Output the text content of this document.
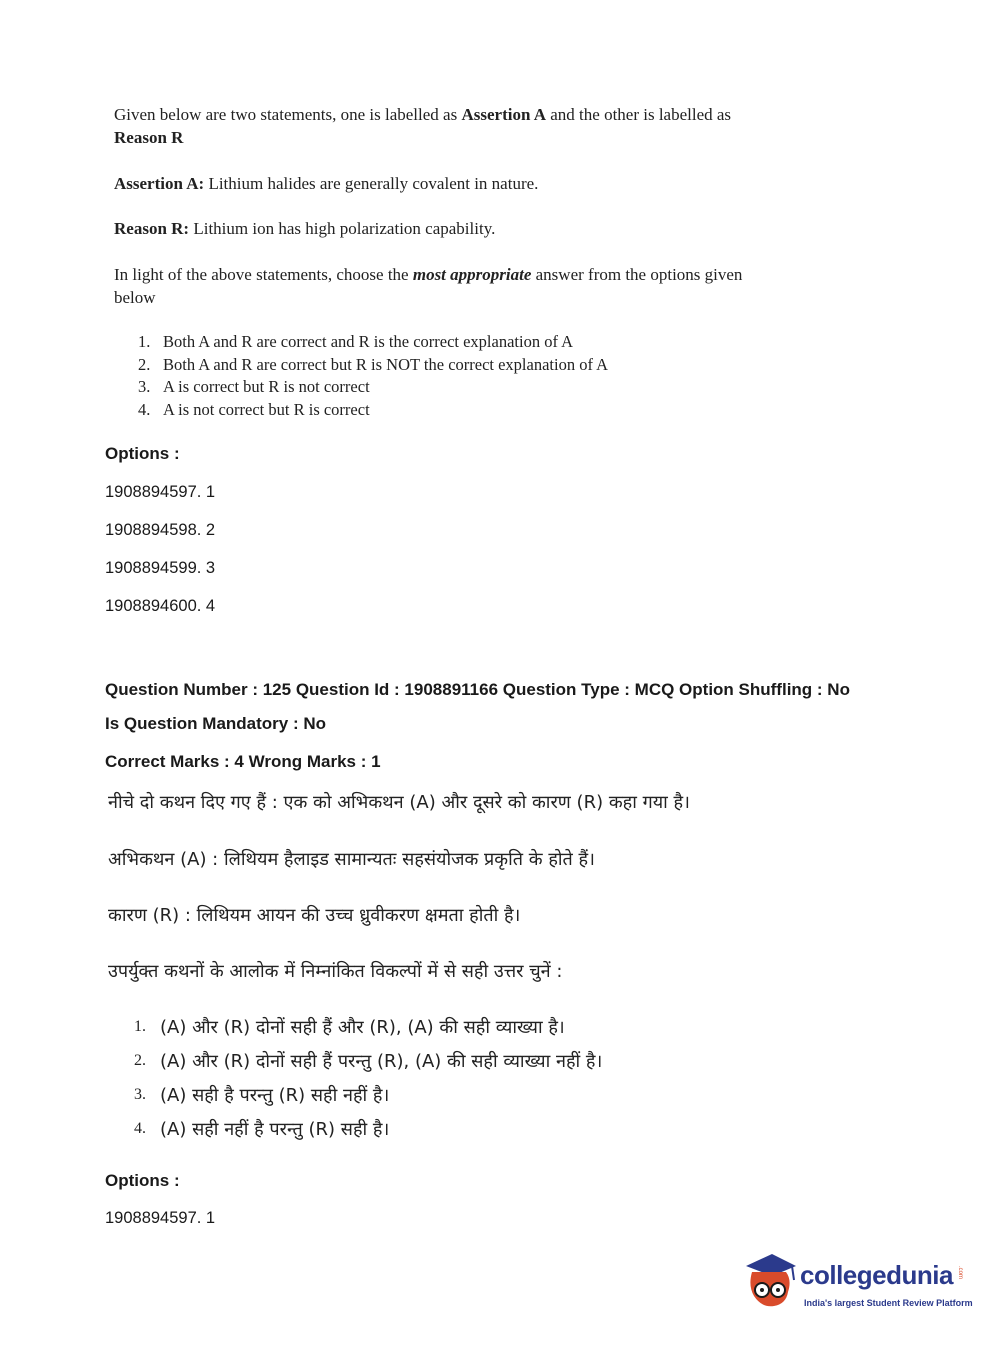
Given below are two statements, one is labelled as Assertion A and the other is labelled as
Reason R
Assertion A: Lithium halides are generally covalent in nature.
Reason R: Lithium ion has high polarization capability.
In light of the above statements, choose the most appropriate answer from the options given
below
1. Both A and R are correct and R is the correct explanation of A
2. Both A and R are correct but R is NOT the correct explanation of A
3. A is correct but R is not correct
4. A is not correct but R is correct
Options :
1908894597. 1
1908894598. 2
1908894599. 3
1908894600. 4
Question Number : 125 Question Id : 1908891166 Question Type : MCQ Option Shuffling : No
Is Question Mandatory : No
Correct Marks : 4 Wrong Marks : 1
नीचे दो कथन दिए गए हैं : एक को अभिकथन (A) और दूसरे को कारण (R) कहा गया है।
अभिकथन (A) : लिथियम हैलाइड सामान्यतः सहसंयोजक प्रकृति के होते हैं।
कारण (R) : लिथियम आयन की उच्च ध्रुवीकरण क्षमता होती है।
उपर्युक्त कथनों के आलोक में निम्नांकित विकल्पों में से सही उत्तर चुनें :
1. (A) और (R) दोनों सही हैं और (R), (A) की सही व्याख्या है।
2. (A) और (R) दोनों सही हैं परन्तु (R), (A) की सही व्याख्या नहीं है।
3. (A) सही है परन्तु (R) सही नहीं है।
4. (A) सही नहीं है परन्तु (R) सही है।
Options :
1908894597. 1
collegedunia .com
India's largest Student Review Platform
